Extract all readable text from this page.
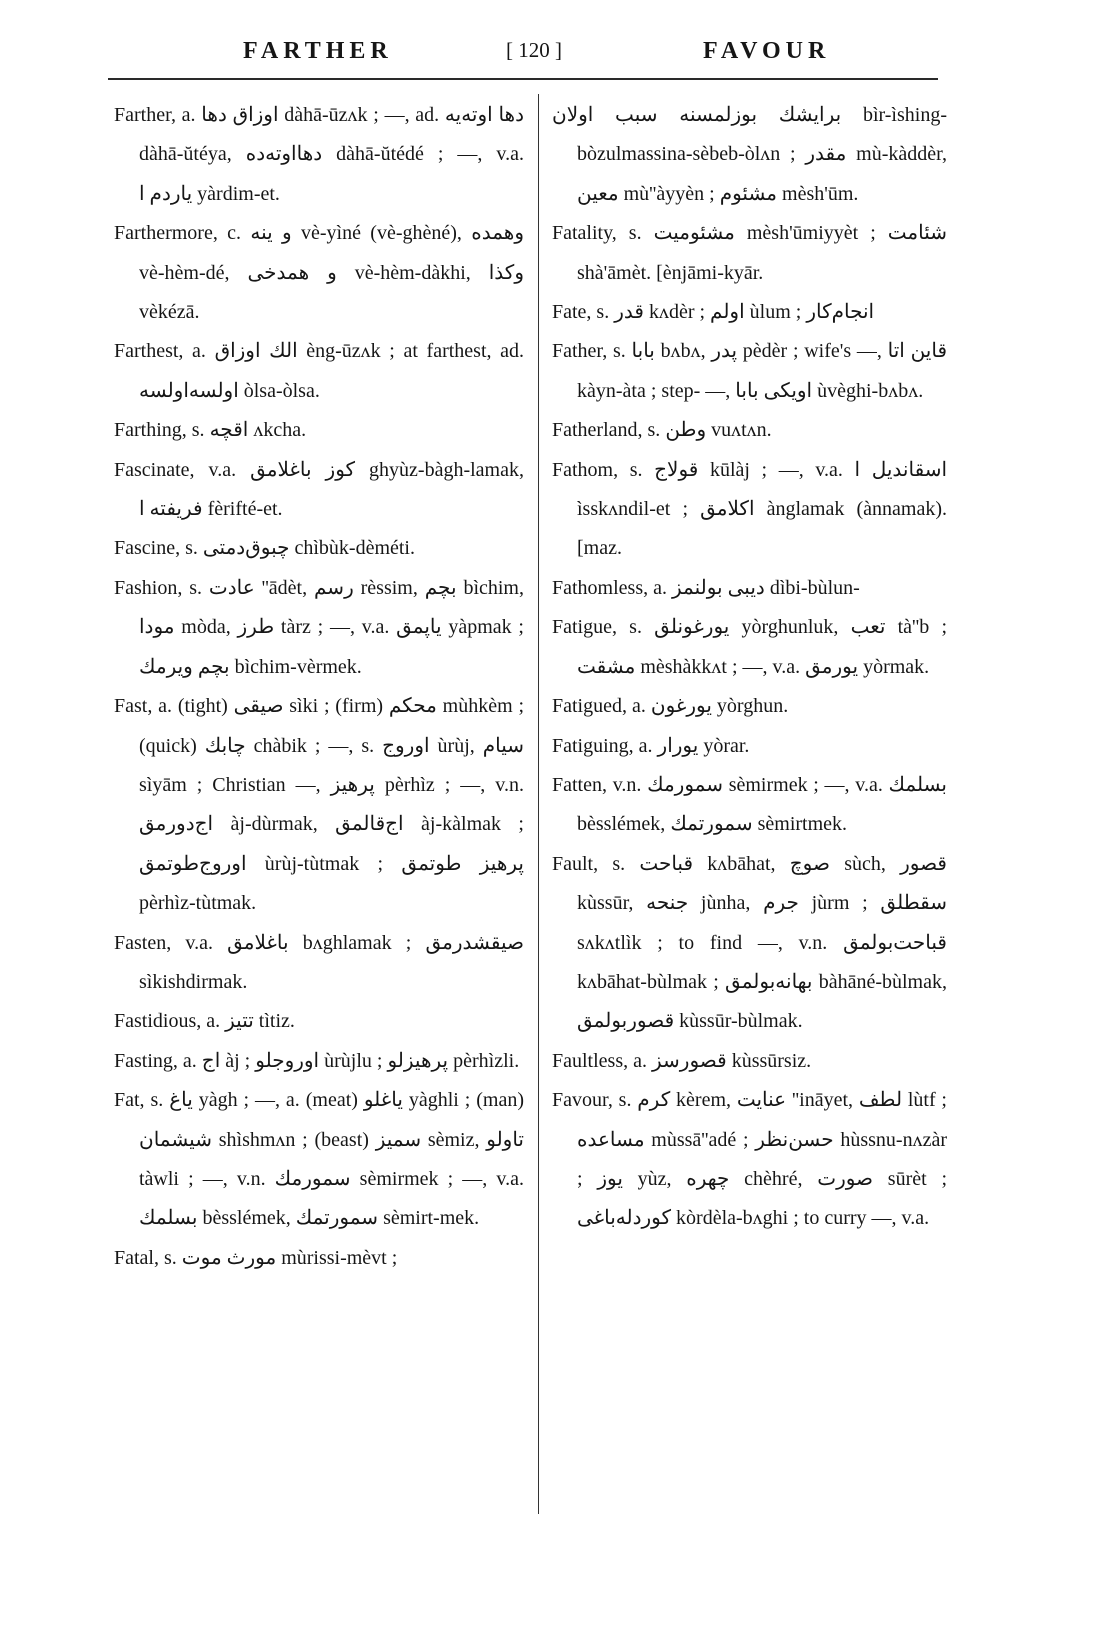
FARTHER	[ 120 ]	FAVOUR

Farther, a. اوزاق دها dàhā-ūzʌk ; —, ad. دها اوته‌یه dàhā-ŭtéya, دهااوته‌ده dàhā-ŭtédé ; —, v.a. یاردم ا yàrdim-et.

Farthermore, c. و ینه vè-yìné (vè-ghèné), وهمده vè-hèm-dé, و همدخی vè-hèm-dàkhi, وکذا vèkézā.

Farthest, a. الك اوزاق èng-ūzʌk ; at farthest, ad. اولسه‌اولسه òlsa-òlsa.

Farthing, s. اقچه ʌkcha.

Fascinate, v.a. کوز باغلامق ghyùz-bàgh-lamak, فریفته ا fèrifté-et.

Fascine, s. چبوق‌دمتی chìbùk-dèméti.

Fashion, s. عادت ''ādèt, رسم rèssim, بچم bìchim, مودا mòda, طرز tàrz ; —, v.a. یاپمق yàpmak ; بچم ویرمك bìchim-vèrmek.

Fast, a. (tight) صیقی sìki ; (firm) محکم mùhkèm ; (quick) چابك chàbik ; —, s. اوروج ùrùj, سیام sìyām ; Christian —, پرهیز pèrhìz ; —, v.n. اج‌دورمق àj-dùrmak, اج‌قالمق àj-kàlmak ; اوروج‌طوتمق ùrùj-tùtmak ; پرهیز طوتمق pèrhìz-tùtmak.

Fasten, v.a. باغلامق bʌghlamak ; صیقشدرمق sìkishdirmak.

Fastidious, a. تتیز tìtiz.

Fasting, a. اج àj ; اوروجلو ùrùjlu ; پرهیزلو pèrhìzli.

Fat, s. یاغ yàgh ; —, a. (meat) یاغلو yàghli ; (man) شیشمان shìshmʌn ; (beast) سمیز sèmiz, تاولو tàwli ; —, v.n. سمورمك sèmirmek ; —, v.a. بسلمك bèsslémek, سمورتمك sèmirt-mek.

Fatal, s. مورث موت mùrissi-mèvt ;

برایشك بوزلمسنه سبب اولان bìr-ìshing-bòzulmassina-sèbeb-òlʌn ; مقدر mù-kàddèr, معین mù''àyyèn ; مشئوم mèsh'ūm.

Fatality, s. مشئومیت mèsh'ūmiyyèt ; شئامت shà'āmèt. [ènjāmi-kyār.

Fate, s. قدر kʌdèr ; اولم ùlum ; انجام‌کار

Father, s. بابا bʌbʌ, پدر pèdèr ; wife's —, قاین اتا kàyn-àta ; step- —, اویکی بابا ùvèghi-bʌbʌ.

Fatherland, s. وطن vuʌtʌn.

Fathom, s. قولاج kūlàj ; —, v.a. اسقاندیل ا ìsskʌndil-et ; اکلامق ànglamak (ànnamak). [maz.

Fathomless, a. دیبی بولنمز dìbi-bùlun-

Fatigue, s. یورغونلق yòrghunluk, تعب tà''b ; مشقت mèshàkkʌt ; —, v.a. یورمق yòrmak.

Fatigued, a. یورغون yòrghun.

Fatiguing, a. یورار yòrar.

Fatten, v.n. سمورمك sèmirmek ; —, v.a. بسلمك bèsslémek, سمورتمك sèmirtmek.

Fault, s. قباحت kʌbāhat, صوچ sùch, قصور kùssūr, جنحه jùnha, جرم jùrm ; سقطلق sʌkʌtlìk ; to find —, v.n. قباحت‌بولمق kʌbāhat-bùlmak ; بهانه‌بولمق bàhāné-bùlmak, قصوربولمق kùssūr-bùlmak.

Faultless, a. قصورسز kùssūrsiz.

Favour, s. کرم kèrem, عنایت ''ināyet, لطف lùtf ; مساعده mùssā''adé ; حسن‌نظر hùssnu-nʌzàr ; یوز yùz, چهره chèhré, صورت sūrèt ; کوردله‌باغی kòrdèla-bʌghi ; to curry —, v.a.
